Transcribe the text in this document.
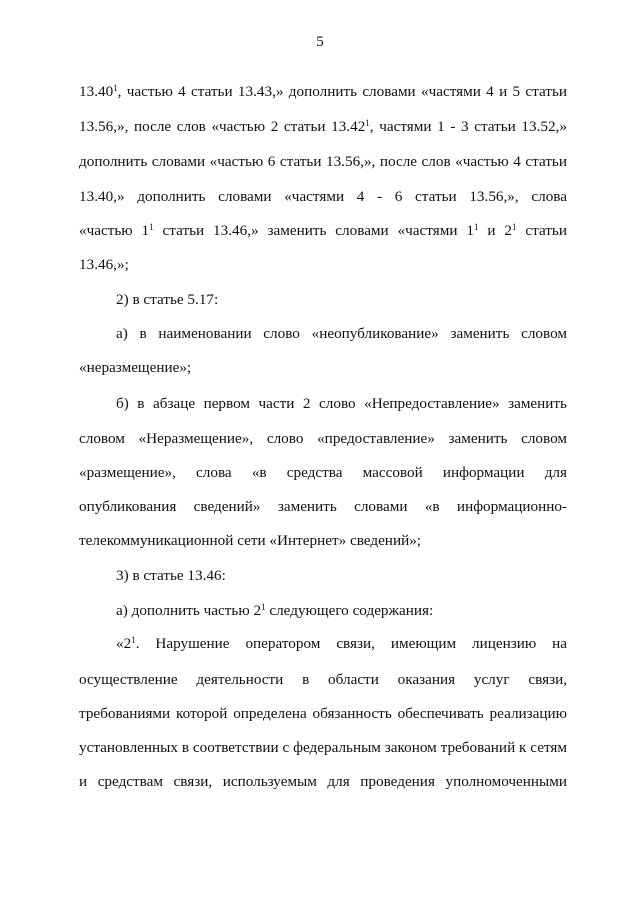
5
13.40$^1$, частью 4 статьи 13.43,» дополнить словами «частями 4 и 5 статьи
13.56,», после слов «частью 2 статьи 13.42$^1$, частями 1 - 3 статьи 13.52,»
дополнить словами «частью 6 статьи 13.56,», после слов «частью 4 статьи
13.40,» дополнить словами «частями 4 - 6 статьи 13.56,», слова
«частью $1^1$ статьи 13.46,» заменить словами «частями $1^1$ и $2^1$ статьи
13.46,»;
2) в статье 5.17:
а) в наименовании слово «неопубликование» заменить словом
«неразмещение»;
б) в абзаце первом части 2 слово «Непредоставление» заменить
словом «Неразмещение», слово «предоставление» заменить словом
«размещение», слова «в средства массовой информации для
опубликования сведений» заменить словами «в информационно-
телекоммуникационной сети «Интернет» сведений»;
3) в статье 13.46:
а) дополнить частью $2^1$ следующего содержания:
«$2^1$. Нарушение оператором связи, имеющим лицензию на
осуществление деятельности в области оказания услуг связи,
требованиями которой определена обязанность обеспечивать реализацию
установленных в соответствии с федеральным законом требований к сетям
и средствам связи, используемым для проведения уполномоченными
